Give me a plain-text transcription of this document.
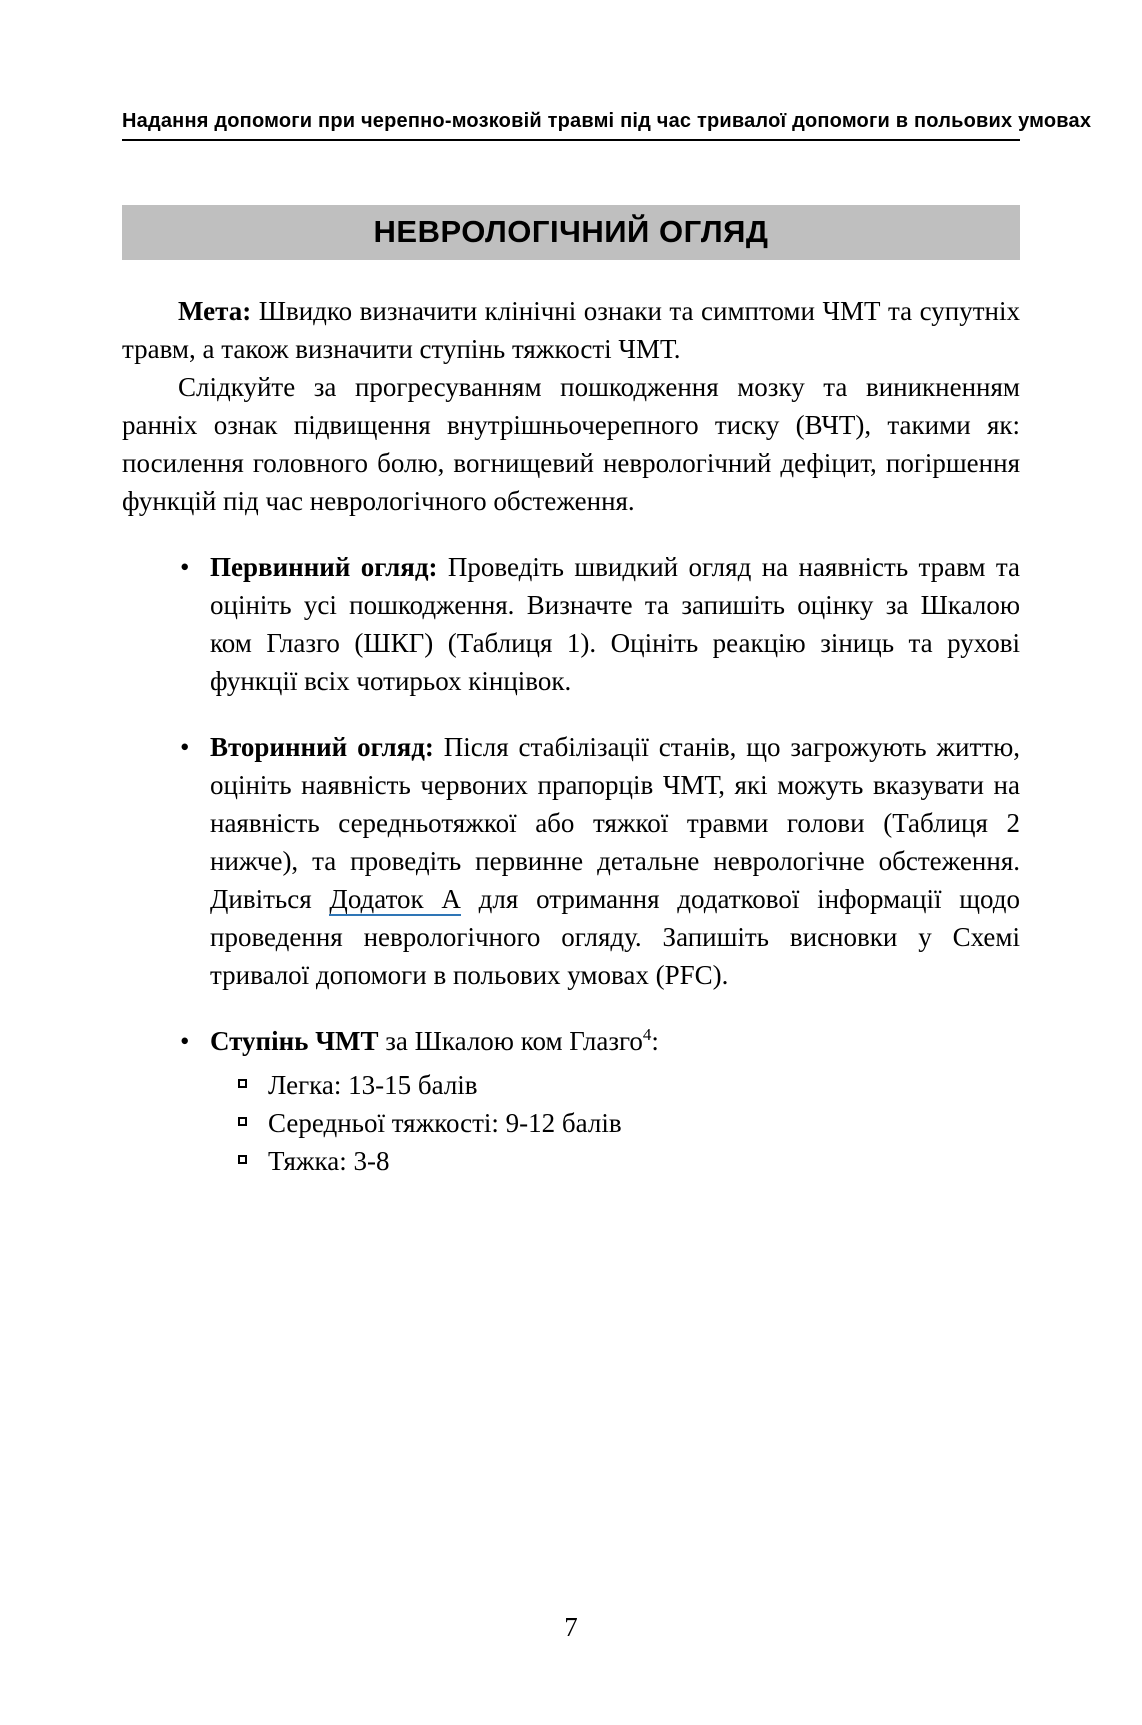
Надання допомоги при черепно-мозковій травмі під час тривалої допомоги в польових умовах
НЕВРОЛОГІЧНИЙ ОГЛЯД

Мета: Швидко визначити клінічні ознаки та симптоми ЧМТ та супутніх травм, а також визначити ступінь тяжкості ЧМТ.

Слідкуйте за прогресуванням пошкодження мозку та виникненням ранніх ознак підвищення внутрішньочерепного тиску (ВЧТ), такими як: посилення головного болю, вогнищевий неврологічний дефіцит, погіршення функцій під час неврологічного обстеження.

• Первинний огляд: Проведіть швидкий огляд на наявність травм та оцініть усі пошкодження. Визначте та запишіть оцінку за Шкалою ком Глазго (ШКГ) (Таблиця 1). Оцініть реакцію зіниць та рухові функції всіх чотирьох кінцівок.
• Вторинний огляд: Після стабілізації станів, що загрожують життю, оцініть наявність червоних прапорців ЧМТ, які можуть вказувати на наявність середньотяжкої або тяжкої травми голови (Таблиця 2 нижче), та проведіть первинне детальне неврологічне обстеження. Дивіться Додаток А для отримання додаткової інформації щодо проведення неврологічного огляду. Запишіть висновки у Схемі тривалої допомоги в польових умовах (PFC).
• Ступінь ЧМТ за Шкалою ком Глазго$^4$:
Легка: 13-15 балів
Середньої тяжкості: 9-12 балів
Тяжка: 3-8
7
